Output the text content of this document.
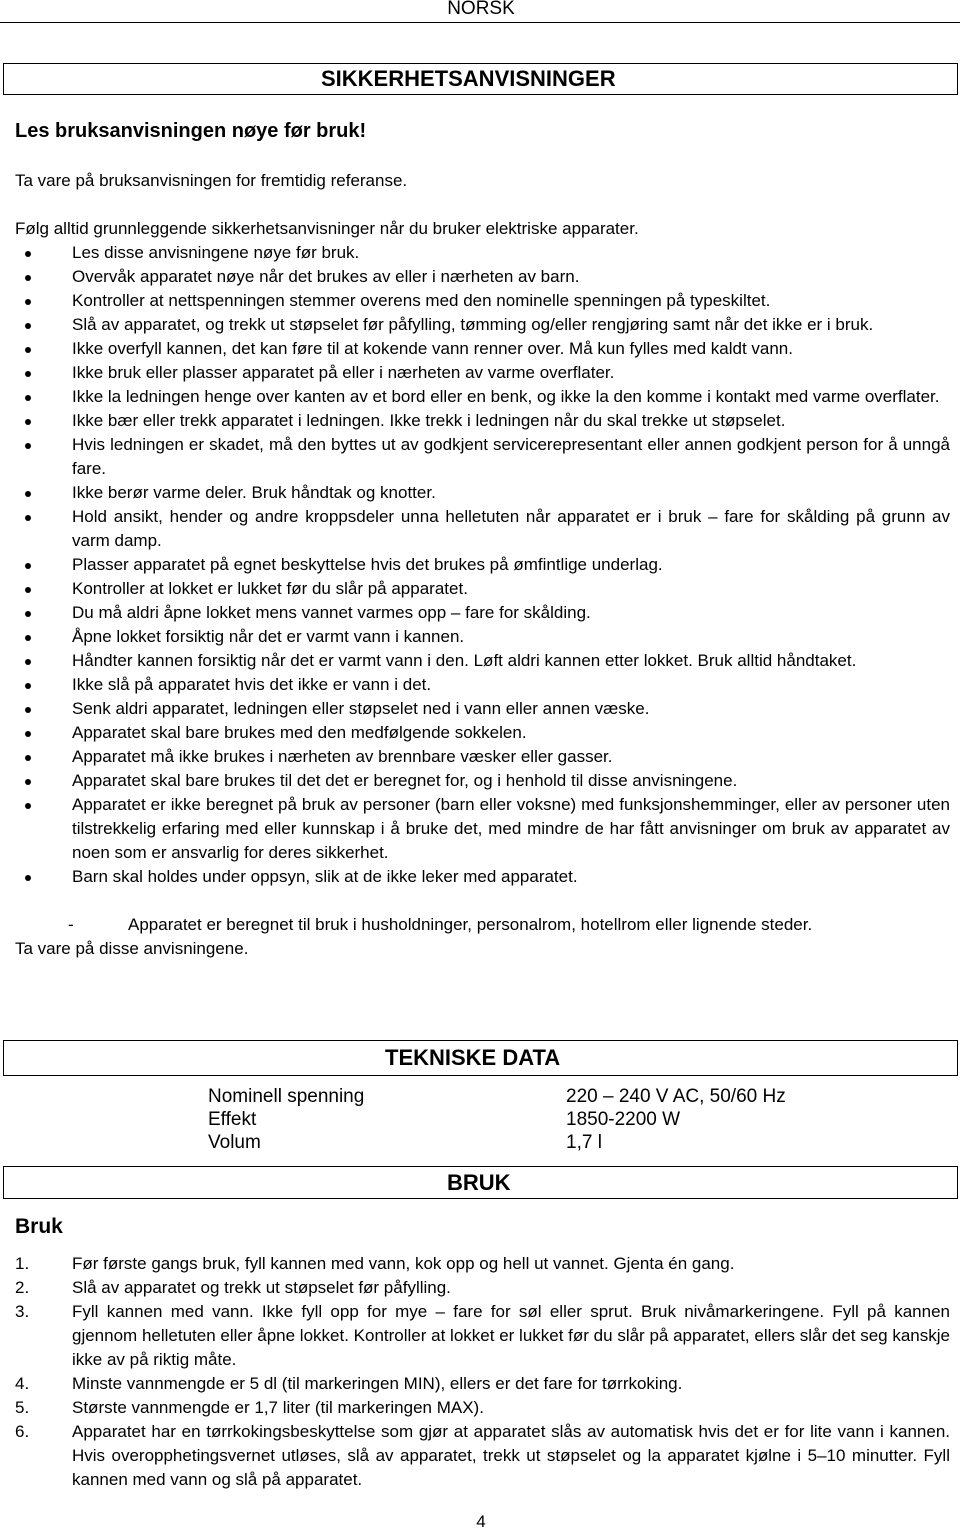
NORSK
SIKKERHETSANVISNINGER
Les bruksanvisningen nøye før bruk!
Ta vare på bruksanvisningen for fremtidig referanse.
Følg alltid grunnleggende sikkerhetsanvisninger når du bruker elektriske apparater.
Les disse anvisningene nøye før bruk.
Overvåk apparatet nøye når det brukes av eller i nærheten av barn.
Kontroller at nettspenningen stemmer overens med den nominelle spenningen på typeskiltet.
Slå av apparatet, og trekk ut støpselet før påfylling, tømming og/eller rengjøring samt når det ikke er i bruk.
Ikke overfyll kannen, det kan føre til at kokende vann renner over. Må kun fylles med kaldt vann.
Ikke bruk eller plasser apparatet på eller i nærheten av varme overflater.
Ikke la ledningen henge over kanten av et bord eller en benk, og ikke la den komme i kontakt med varme overflater.
Ikke bær eller trekk apparatet i ledningen. Ikke trekk i ledningen når du skal trekke ut støpselet.
Hvis ledningen er skadet, må den byttes ut av godkjent servicerepresentant eller annen godkjent person for å unngå fare.
Ikke berør varme deler. Bruk håndtak og knotter.
Hold ansikt, hender og andre kroppsdeler unna helletuten når apparatet er i bruk – fare for skålding på grunn av varm damp.
Plasser apparatet på egnet beskyttelse hvis det brukes på ømfintlige underlag.
Kontroller at lokket er lukket før du slår på apparatet.
Du må aldri åpne lokket mens vannet varmes opp – fare for skålding.
Åpne lokket forsiktig når det er varmt vann i kannen.
Håndter kannen forsiktig når det er varmt vann i den. Løft aldri kannen etter lokket. Bruk alltid håndtaket.
Ikke slå på apparatet hvis det ikke er vann i det.
Senk aldri apparatet, ledningen eller støpselet ned i vann eller annen væske.
Apparatet skal bare brukes med den medfølgende sokkelen.
Apparatet må ikke brukes i nærheten av brennbare væsker eller gasser.
Apparatet skal bare brukes til det det er beregnet for, og i henhold til disse anvisningene.
Apparatet er ikke beregnet på bruk av personer (barn eller voksne) med funksjonshemminger, eller av personer uten tilstrekkelig erfaring med eller kunnskap i å bruke det, med mindre de har fått anvisninger om bruk av apparatet av noen som er ansvarlig for deres sikkerhet.
Barn skal holdes under oppsyn, slik at de ikke leker med apparatet.
-	Apparatet er beregnet til bruk i husholdninger, personalrom, hotellrom eller lignende steder.
Ta vare på disse anvisningene.
TEKNISKE DATA
Nominell spenning	220 – 240 V AC, 50/60 Hz
Effekt	1850-2200 W
Volum	1,7 l
BRUK
Bruk
1.	Før første gangs bruk, fyll kannen med vann, kok opp og hell ut vannet. Gjenta én gang.
2.	Slå av apparatet og trekk ut støpselet før påfylling.
3.	Fyll kannen med vann. Ikke fyll opp for mye – fare for søl eller sprut. Bruk nivåmarkeringene. Fyll på kannen gjennom helletuten eller åpne lokket. Kontroller at lokket er lukket før du slår på apparatet, ellers slår det seg kanskje ikke av på riktig måte.
4.	Minste vannmengde er 5 dl (til markeringen MIN), ellers er det fare for tørrkoking.
5.	Største vannmengde er 1,7 liter (til markeringen MAX).
6.	Apparatet har en tørrkokingsbeskyttelse som gjør at apparatet slås av automatisk hvis det er for lite vann i kannen. Hvis overopphetingsvernet utløses, slå av apparatet, trekk ut støpselet og la apparatet kjølne i 5–10 minutter. Fyll kannen med vann og slå på apparatet.
4
